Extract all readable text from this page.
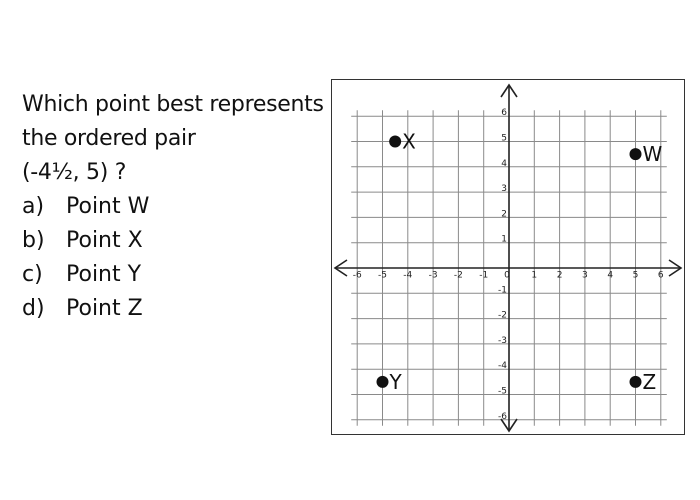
Which point best represents
the ordered pair
(-4½, 5) ?
a) Point W
b) Point X
c) Point Y
d) Point Z
-6 -5 -4 -3 -2 -1 0 1 2 3 4 5 6
6
5
4
3
2
1
-1
-2
-3
-4
-5
-6
X
W
Y	Z
